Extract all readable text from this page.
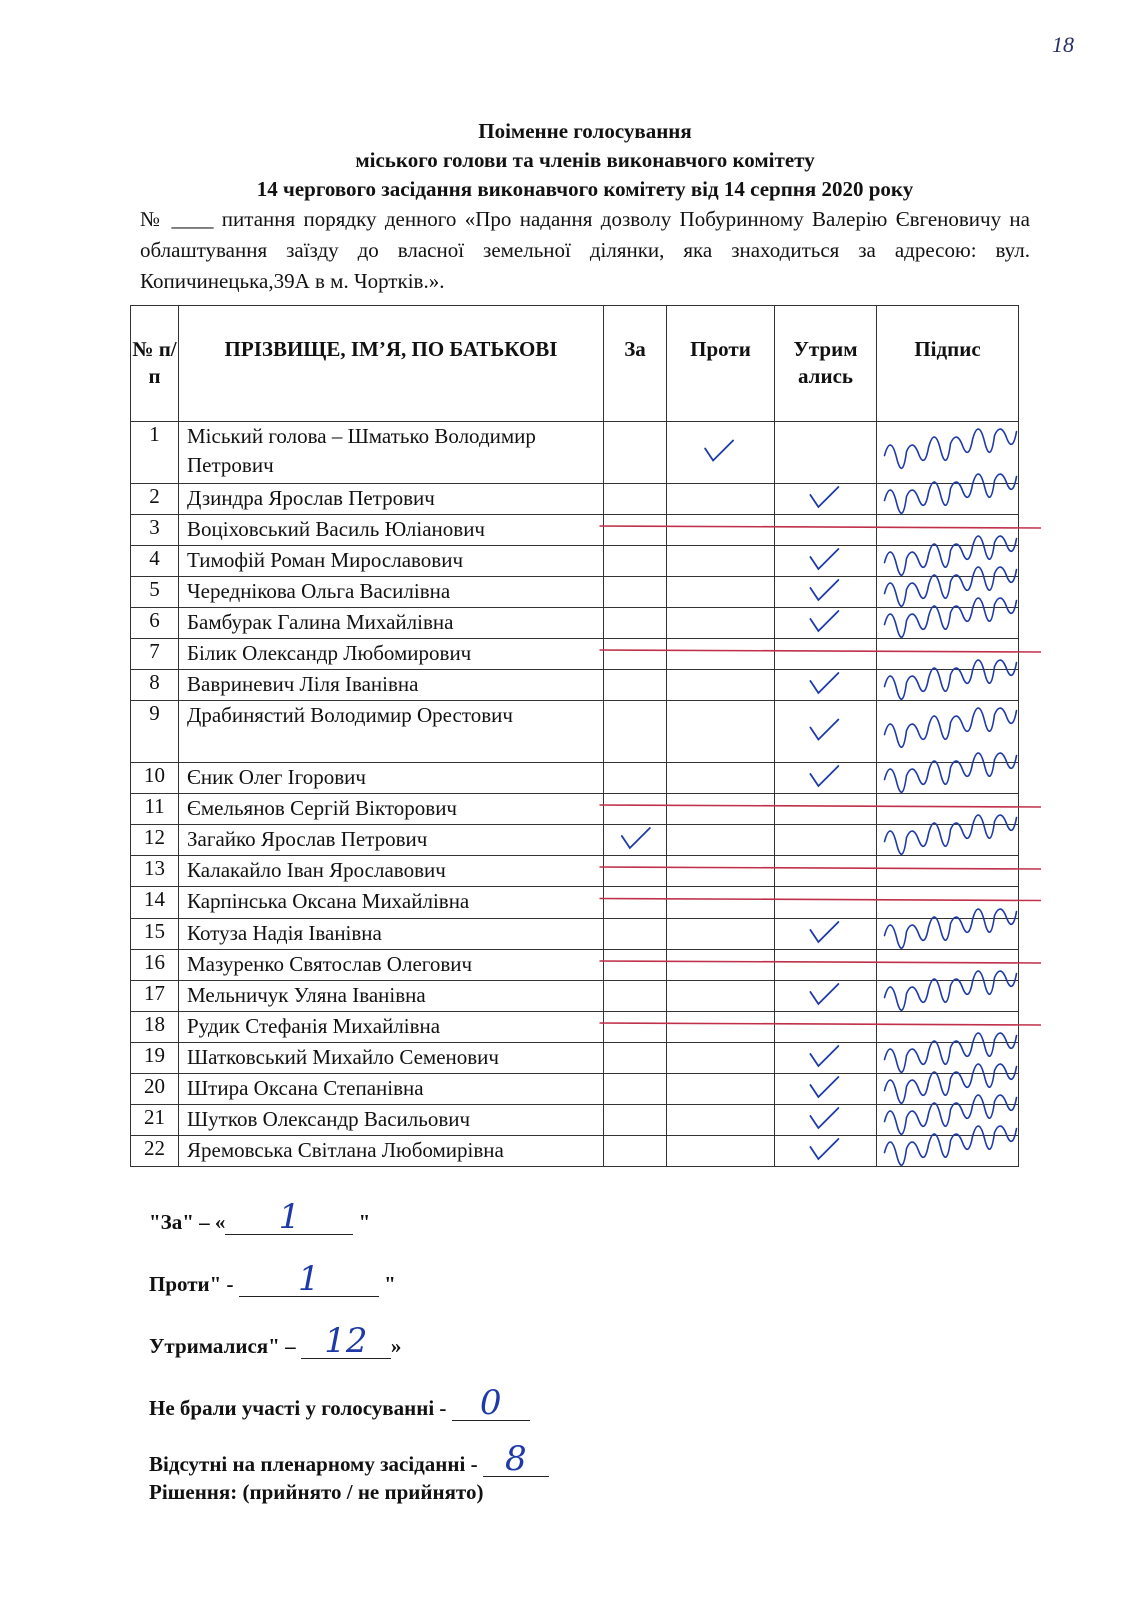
18
Поіменне голосування
міського голови та членів виконавчого комітету
14 чергового засідання виконавчого комітету від 14 серпня 2020 року
№ ____ питання порядку денного «Про надання дозволу Побуринному Валерію Євгеновичу на облаштування заїзду до власної земельної ділянки, яка знаходиться за адресою: вул. Копичинецька,39А в м. Чортків.».
№ п/п	ПРІЗВИЩЕ, ІМ’Я, ПО БАТЬКОВІ	За	Проти	Утрим ались	Підпис
1	Міський голова – Шматько Володимир Петрович				
2	Дзиндра Ярослав Петрович				
3	Воціховський Василь Юліанович				
4	Тимофій Роман Мирославович				
5	Череднікова Ольга Василівна				
6	Бамбурак Галина Михайлівна				
7	Білик Олександр Любомирович				
8	Вавриневич Ліля Іванівна				
9	Драбинястий Володимир Орестович				
10	Єник Олег Ігорович				
11	Ємельянов Сергій Вікторович				
12	Загайко Ярослав Петрович				
13	Калакайло Іван Ярославович				
14	Карпінська Оксана Михайлівна				
15	Котуза Надія Іванівна				
16	Мазуренко Святослав Олегович				
17	Мельничук Уляна Іванівна				
18	Рудик Стефанія Михайлівна				
19	Шатковський Михайло Семенович				
20	Штира Оксана Степанівна				
21	Шутков Олександр Васильович				
22	Яремовська Світлана Любомирівна				
"За" – «	1	"
Проти" -	1	"
Утрималися" – 12	»
Не брали участі у голосуванні - 0
Відсутні на пленарному засіданні - 8
Рішення: (прийнято / не прийнято)
